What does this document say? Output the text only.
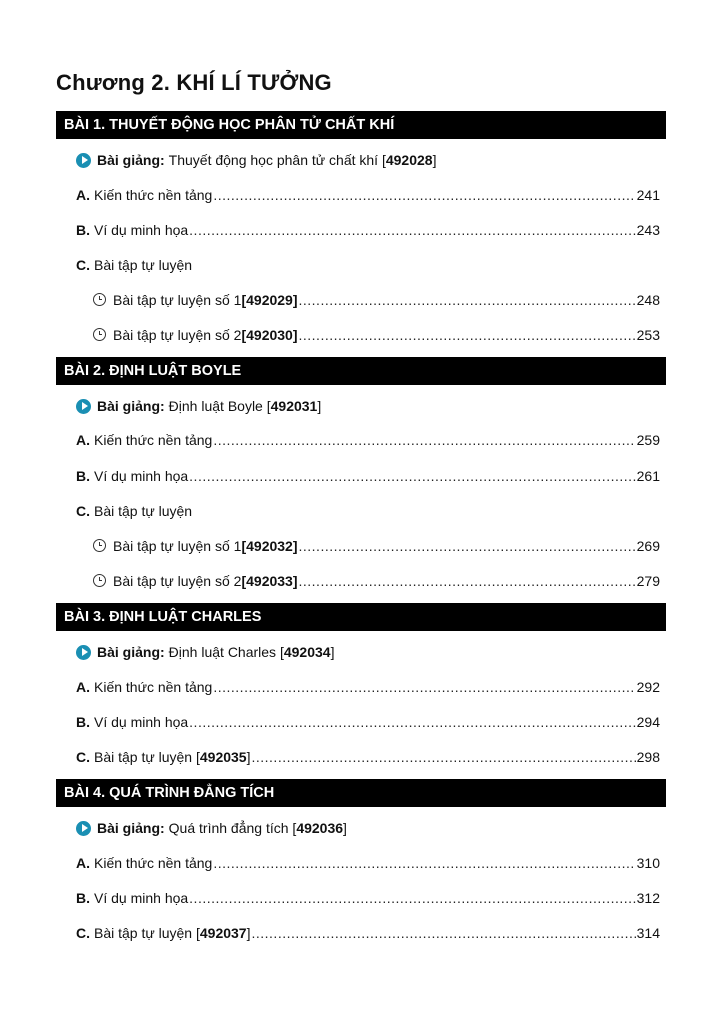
Chương 2. KHÍ LÍ TƯỞNG
BÀI 1. THUYẾT ĐỘNG HỌC PHÂN TỬ CHẤT KHÍ
Bài giảng: Thuyết động học phân tử chất khí [ 492028 ]
A. Kiến thức nền tảng .....	241
B. Ví dụ minh họa .....	243
C. Bài tập tự luyện
Bài tập tự luyện số 1 [492029] .....	248
Bài tập tự luyện số 2 [492030] .....	253
BÀI 2. ĐỊNH LUẬT BOYLE
Bài giảng: Định luật Boyle [ 492031 ]
A. Kiến thức nền tảng .....	259
B. Ví dụ minh họa .....	261
C. Bài tập tự luyện
Bài tập tự luyện số 1 [492032] .....	269
Bài tập tự luyện số 2 [492033] .....	279
BÀI 3. ĐỊNH LUẬT CHARLES
Bài giảng: Định luật Charles [ 492034 ]
A. Kiến thức nền tảng .....	292
B. Ví dụ minh họa .....	294
C. Bài tập tự luyện [ 492035 ] .....	298
BÀI 4. QUÁ TRÌNH ĐẲNG TÍCH
Bài giảng: Quá trình đẳng tích [ 492036 ]
A. Kiến thức nền tảng .....	310
B. Ví dụ minh họa .....	312
C. Bài tập tự luyện [ 492037 ] .....	314
